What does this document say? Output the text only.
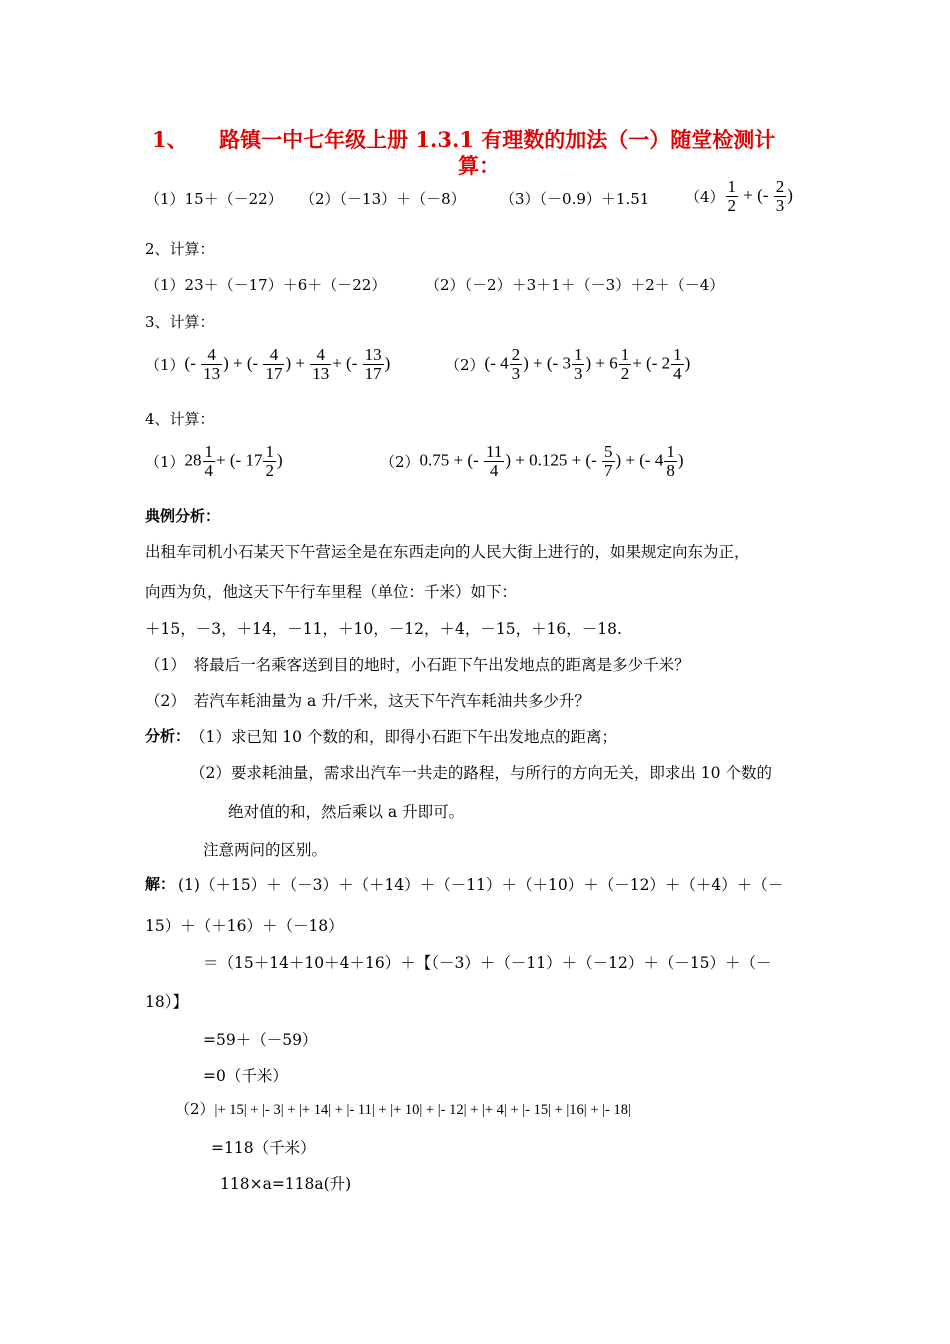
1、　　路镇一中七年级上册 1.3.1 有理数的加法（一）随堂检测计
算：
（1）15＋（－22） （2）（－13）＋（－8） （3）（－0.9）＋1.51 $(4) \frac{1}{2}$ + (- $\frac{2}{3}$ )
2、计算：
（1）23＋（－17）＋6＋（－22）	（2）（－2）＋3＋1＋（－3）＋2＋（－4）
3、计算：
$(1)(- \frac{4}{13}$ ) + (- $\frac{4}{17}$ ) + $\frac{4}{13}$ + (- $\frac{13}{17}$ )	（2）(- $4 \frac{2}{3}$ ) + (- $3 \frac{1}{3}$ ) + $6 \frac{1}{2}$ + (- $2 \frac{1}{4}$ )
4、计算：
$(1)28 \frac{1}{4}$ + (- $17 \frac{1}{2}$ )	（2）0.75 + (- $\frac{11}{4}$ ) + 0.125 + (- $\frac{5}{7}$ ) + (- $4 \frac{1}{8}$ )
典例分析：
出租车司机小石某天下午营运全是在东西走向的人民大街上进行的，如果规定向东为正，
向西为负，他这天下午行车里程（单位：千米）如下：
＋15，－3，＋14，－11，＋10，－12，＋4，－15，＋16，－18.
（1）　将最后一名乘客送到目的地时，小石距下午出发地点的距离是多少千米？
（2）　若汽车耗油量为 a 升/千米，这天下午汽车耗油共多少升？
分析： （1）求已知 10 个数的和，即得小石距下午出发地点的距离；
（2）要求耗油量，需求出汽车一共走的路程，与所行的方向无关，即求出 10 个数的
绝对值的和，然后乘以 a 升即可。
注意两问的区别。
解： (1)（＋15）＋（－3）＋（＋14）＋（－11）＋（＋10）＋（－12）＋（＋4）＋（－
15）＋（＋16）＋（－18）
＝（15＋14＋10＋4＋16）＋【（－3）＋（－11）＋（－12）＋（－15）＋（－
18）】
=59＋（－59）
=0（千米）
（2）|+ 15| + |- 3| + |+ 14| + |- 11| + |+ 10| + |- 12| + |+ 4| + |- 15| + |16| + |- 18|
=118（千米）
118×a=118a(升)
